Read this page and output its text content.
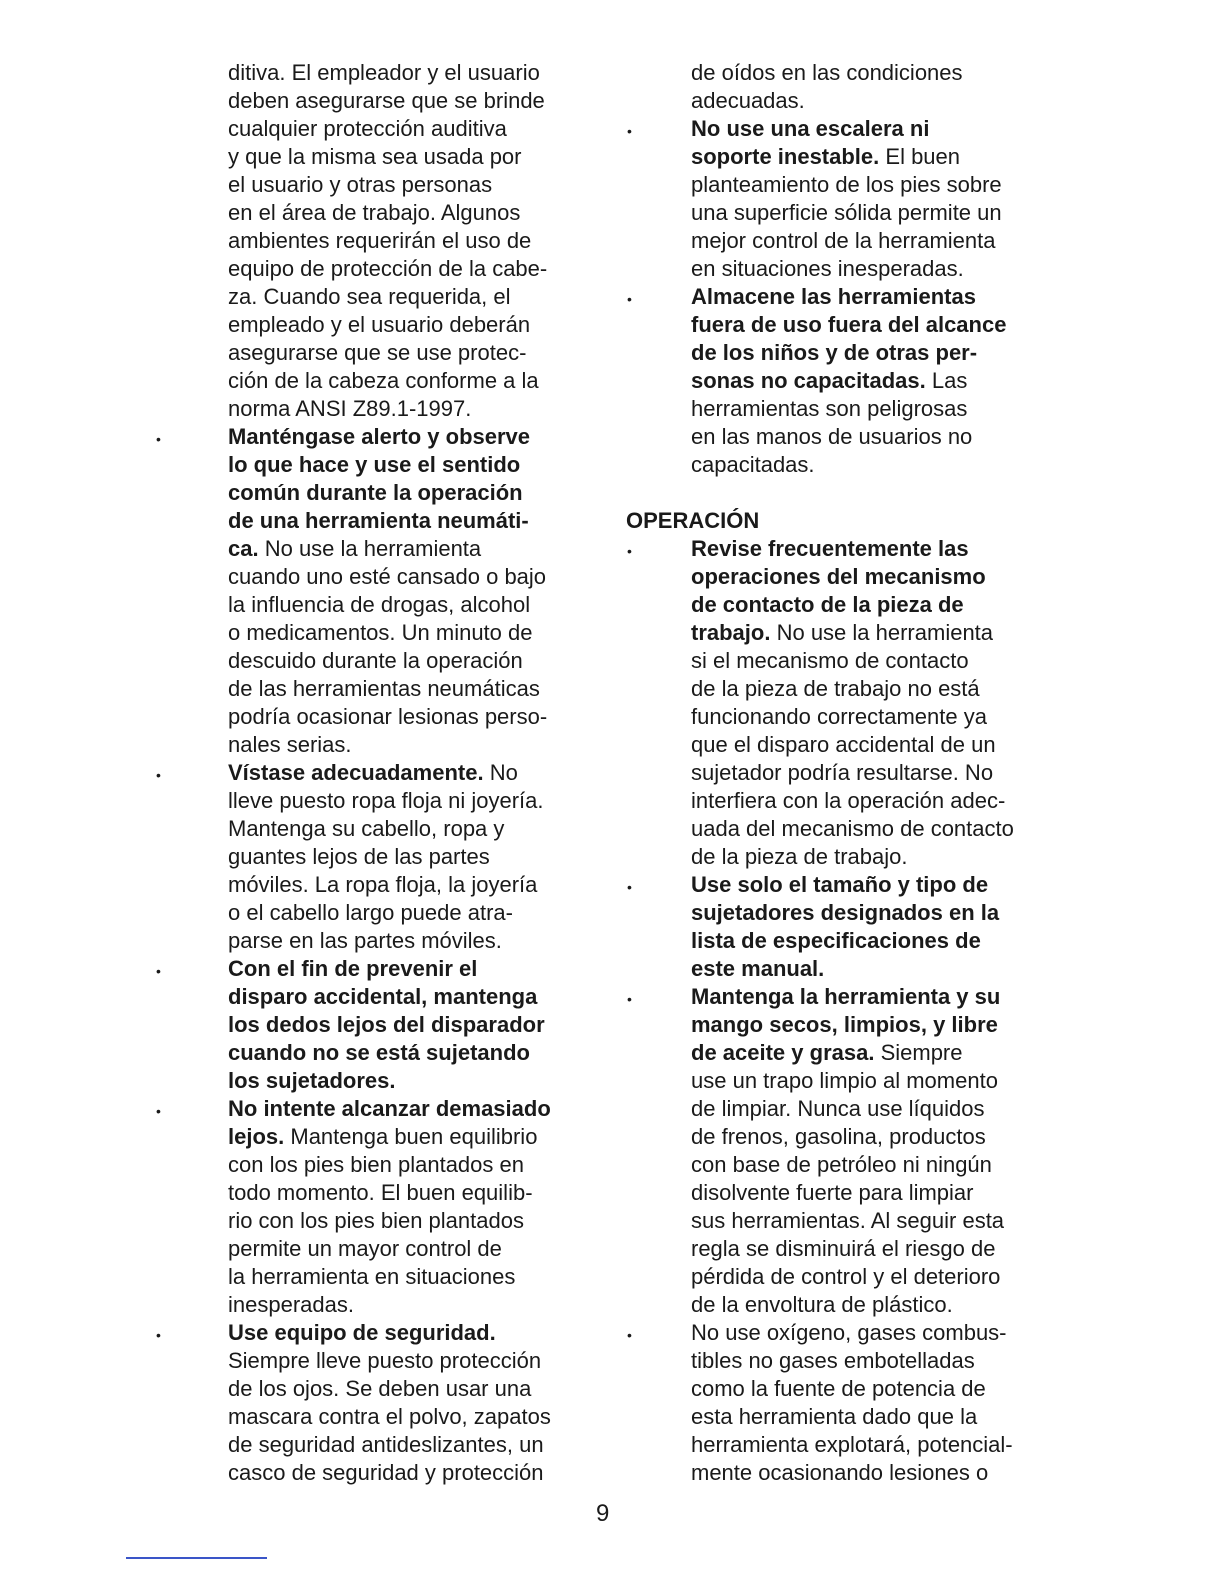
ditiva. El empleador y el usuario
deben asegurarse que se brinde
cualquier protección auditiva
y que la misma sea usada por
el usuario y otras personas
en el área de trabajo. Algunos
ambientes requerirán el uso de
equipo de protección de la cabe-
za. Cuando sea requerida, el
empleado y el usuario deberán
asegurarse que se use protec-
ción de la cabeza conforme a la
norma ANSI Z89.1-1997.
Manténgase alerto y observe
lo que hace y use el sentido
común durante la operación
de una herramienta neumáti-
ca. No use la herramienta
cuando uno esté cansado o bajo
la influencia de drogas, alcohol
o medicamentos. Un minuto de
descuido durante la operación
de las herramientas neumáticas
podría ocasionar lesionas perso-
nales serias.
Vístase adecuadamente. No
lleve puesto ropa floja ni joyería.
Mantenga su cabello, ropa y
guantes lejos de las partes
móviles. La ropa floja, la joyería
o el cabello largo puede atra-
parse en las partes móviles.
Con el fin de prevenir el
disparo accidental, mantenga
los dedos lejos del disparador
cuando no se está sujetando
los sujetadores.
No intente alcanzar demasiado
lejos. Mantenga buen equilibrio
con los pies bien plantados en
todo momento. El buen equilib-
rio con los pies bien plantados
permite un mayor control de
la herramienta en situaciones
inesperadas.
Use equipo de seguridad.
Siempre lleve puesto protección
de los ojos. Se deben usar una
mascara contra el polvo, zapatos
de seguridad antideslizantes, un
casco de seguridad y protección
•
•
•
•
•
de oídos en las condiciones
adecuadas.
No use una escalera ni
soporte inestable. El buen
planteamiento de los pies sobre
una superficie sólida permite un
mejor control de la herramienta
en situaciones inesperadas.
Almacene las herramientas
fuera de uso fuera del alcance
de los niños y de otras per-
sonas no capacitadas. Las
herramientas son peligrosas
en las manos de usuarios no
capacitadas.
Revise frecuentemente las
operaciones del mecanismo
de contacto de la pieza de
trabajo. No use la herramienta
si el mecanismo de contacto
de la pieza de trabajo no está
funcionando correctamente ya
que el disparo accidental de un
sujetador podría resultarse. No
interfiera con la operación adec-
uada del mecanismo de contacto
de la pieza de trabajo.
Use solo el tamaño y tipo de
sujetadores designados en la
lista de especificaciones de
este manual.
Mantenga la herramienta y su
mango secos, limpios, y libre
de aceite y grasa. Siempre
use un trapo limpio al momento
de limpiar. Nunca use líquidos
de frenos, gasolina, productos
con base de petróleo ni ningún
disolvente fuerte para limpiar
sus herramientas. Al seguir esta
regla se disminuirá el riesgo de
pérdida de control y el deterioro
de la envoltura de plástico.
No use oxígeno, gases combus-
tibles no gases embotelladas
como la fuente de potencia de
esta herramienta dado que la
herramienta explotará, potencial-
mente ocasionando lesiones o
•
•
•
•
•
•
OPERACIÓN
9
